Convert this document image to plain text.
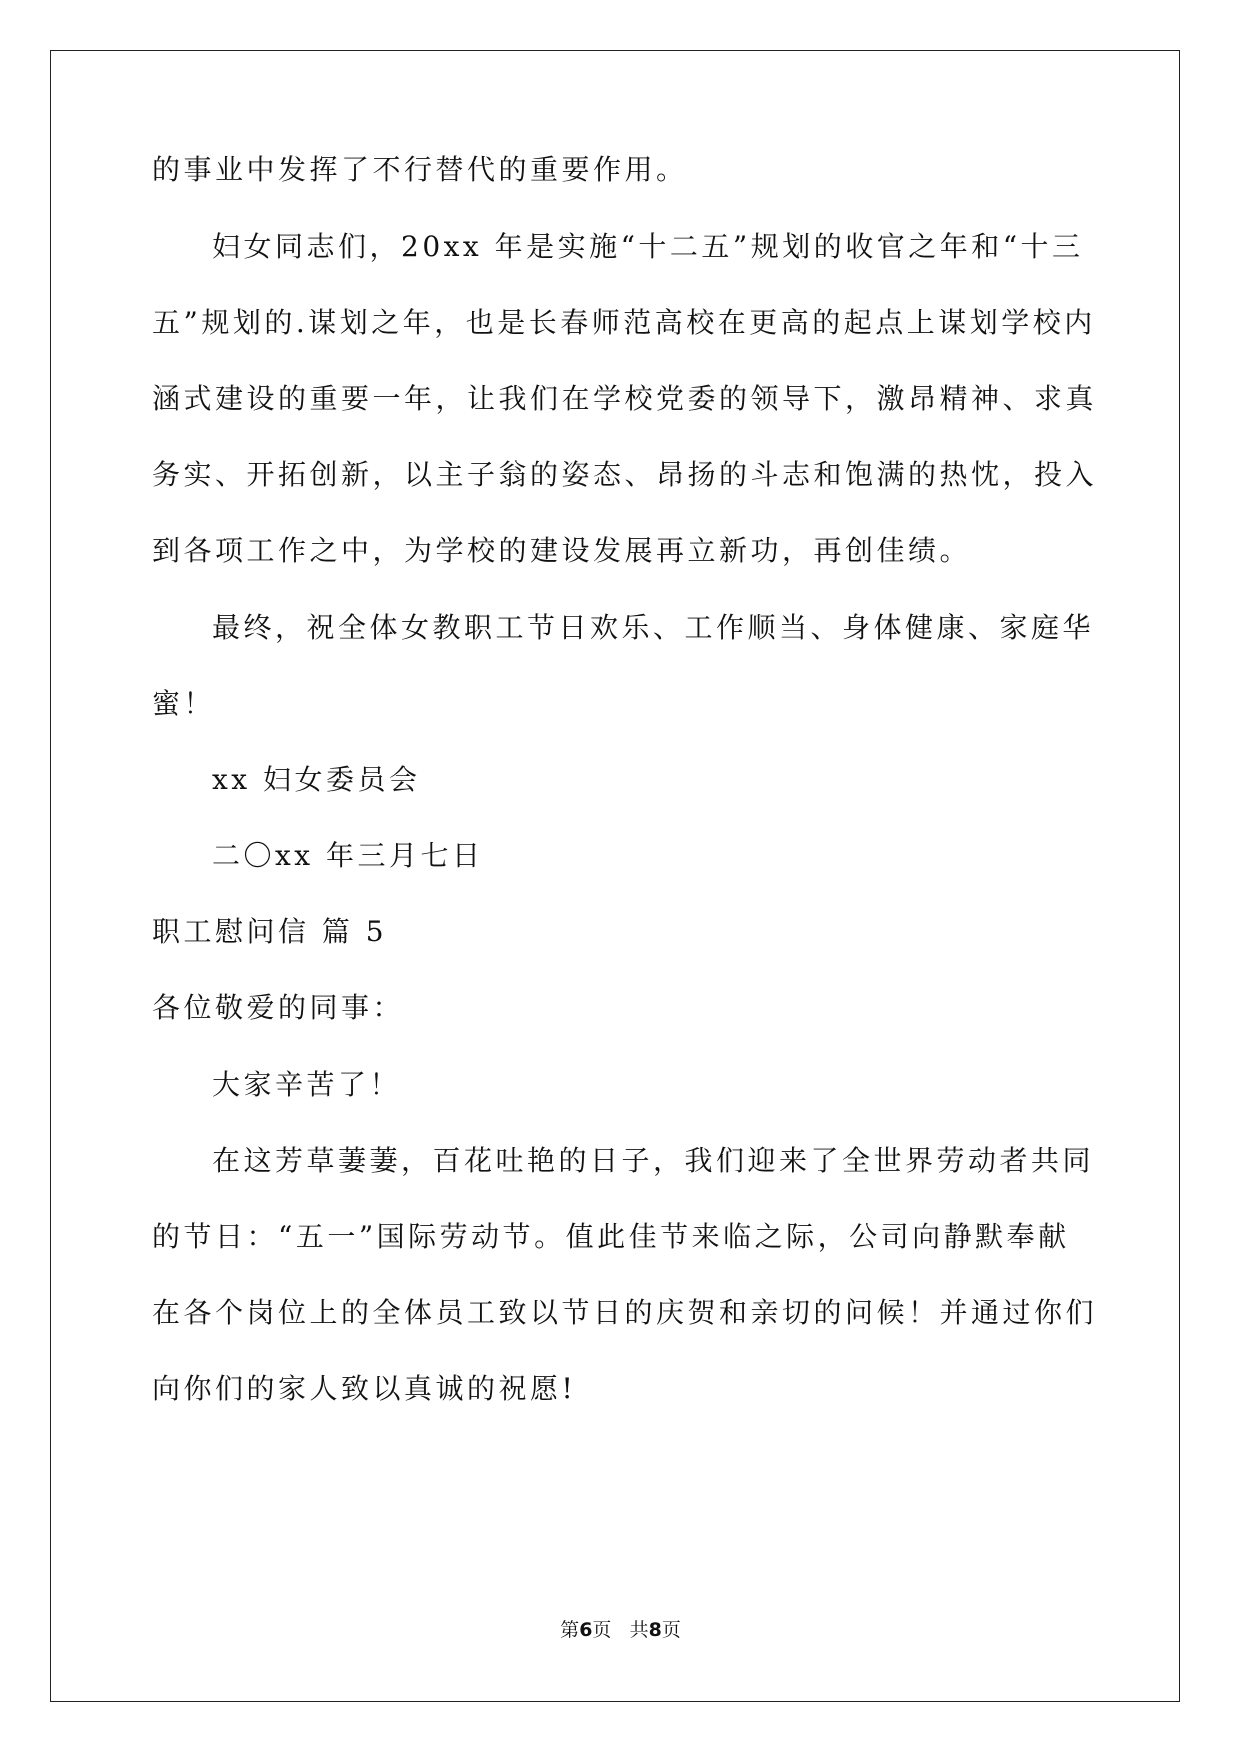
的事业中发挥了不行替代的重要作用。
妇女同志们，20xx 年是实施“十二五”规划的收官之年和“十三
五”规划的.谋划之年，也是长春师范高校在更高的起点上谋划学校内
涵式建设的重要一年，让我们在学校党委的领导下，激昂精神、求真
务实、开拓创新，以主子翁的姿态、昂扬的斗志和饱满的热忱，投入
到各项工作之中，为学校的建设发展再立新功，再创佳绩。
最终，祝全体女教职工节日欢乐、工作顺当、身体健康、家庭华
蜜！
xx 妇女委员会
二〇xx 年三月七日
职工慰问信 篇 5
各位敬爱的同事：
大家辛苦了！
在这芳草萋萋，百花吐艳的日子，我们迎来了全世界劳动者共同
的节日：“五一”国际劳动节。值此佳节来临之际，公司向静默奉献
在各个岗位上的全体员工致以节日的庆贺和亲切的问候！并通过你们
向你们的家人致以真诚的祝愿!
第6页 共8页
